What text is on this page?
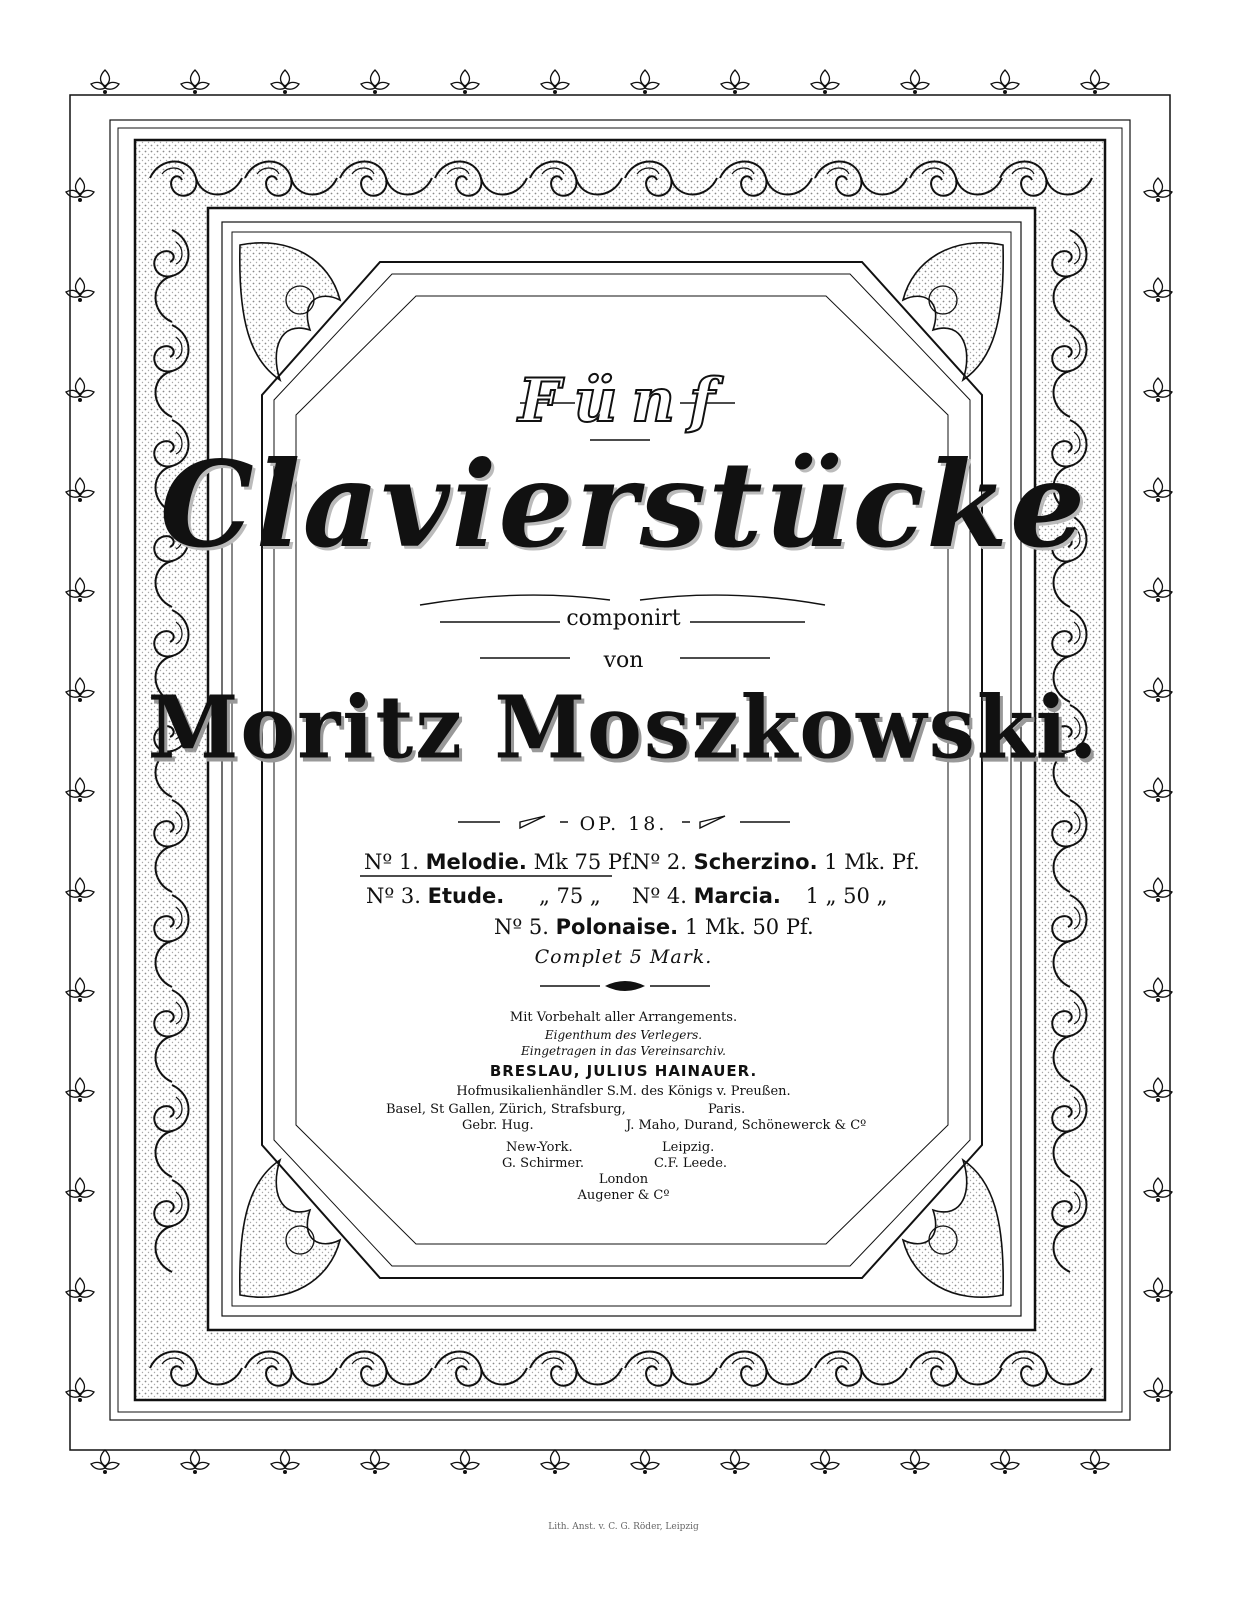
Fünf
Clavierstücke
componirt
von
Moritz Moszkowski.
OP. 18.
Nº 1. Melodie. Mk 75 Pf.
Nº 2. Scherzino. 1 Mk. Pf.
Nº 3. Etude. „ 75 „ Nº 4. Marcia. 1 „ 50 „
Nº 5. Polonaise. 1 Mk. 50 Pf.
Complet 5 Mark.
Mit Vorbehalt aller Arrangements.
Eigenthum des Verlegers.
Eingetragen in das Vereinsarchiv.
BRESLAU, JULIUS HAINAUER.
Hofmusikalienhändler S.M. des Königs v. Preußen.
Basel, St Gallen, Zürich, Strafsburg,
Gebr. Hug.
Paris.
J. Maho, Durand, Schönewerck & Cº
New-York.
G. Schirmer.
Leipzig.
C.F. Leede.
London
Augener & Cº
Lith. Anst. v. C. G. Röder, Leipzig
